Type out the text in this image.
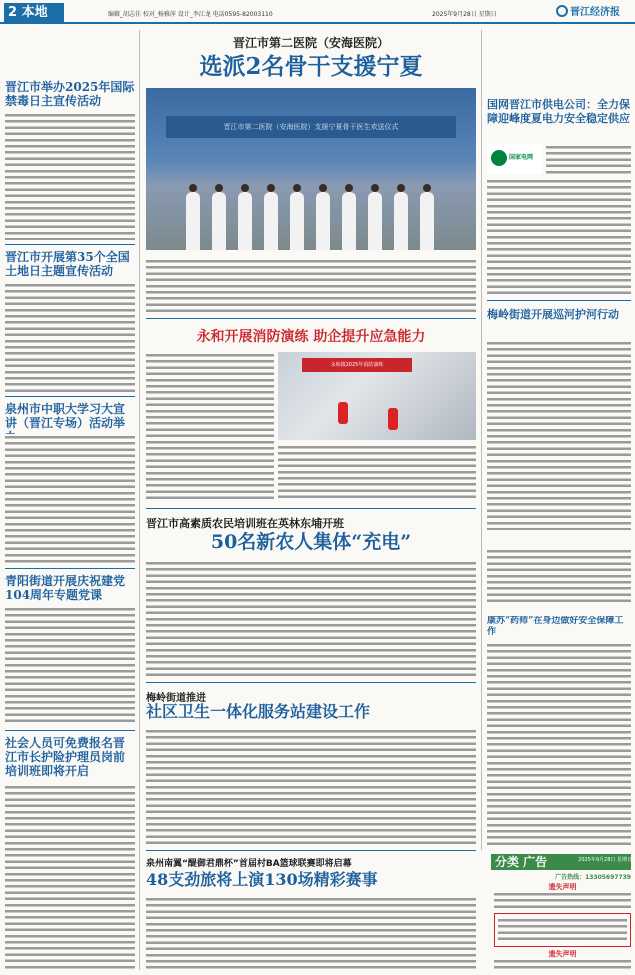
2 本地	编辑_胡志佳 校对_杨雅萍 设计_李江龙 电话0595-82003110	2025年9月28日 星期日	晋江经济报
晋江市举办2025年国际禁毒日主宣传活动
晋江市开展第35个全国土地日主题宣传活动
泉州市中职大学习大宣讲（晋江专场）活动举
青阳街道开展庆祝建党104周年专题党课
社会人员可免费报名晋江市长护险护理员岗前培训班即将开启
晋江市第二医院（安海医院）
选派2名骨干支援宁夏
晋江市第二医院（安海医院）支援宁夏骨干医生欢送仪式
永和开展消防演练 助企提升应急能力
永和镇2025年消防演练
晋江市高素质农民培训班在英林东埔开班
50名新农人集体“充电”
梅岭街道推进
社区卫生一体化服务站建设工作
泉州南翼“醍御君鼎杯”首届村BA篮球联赛即将启幕
48支劲旅将上演130场精彩赛事
国网晋江市供电公司：全力保障迎峰度夏电力安全稳定供应
国家电网
梅岭街道开展巡河护河行动
康苏“药师”在身边做好安全保障工作
分类 广告	2025年9月28日 星期日
广告热线：13305697739
遗失声明
遗失声明
